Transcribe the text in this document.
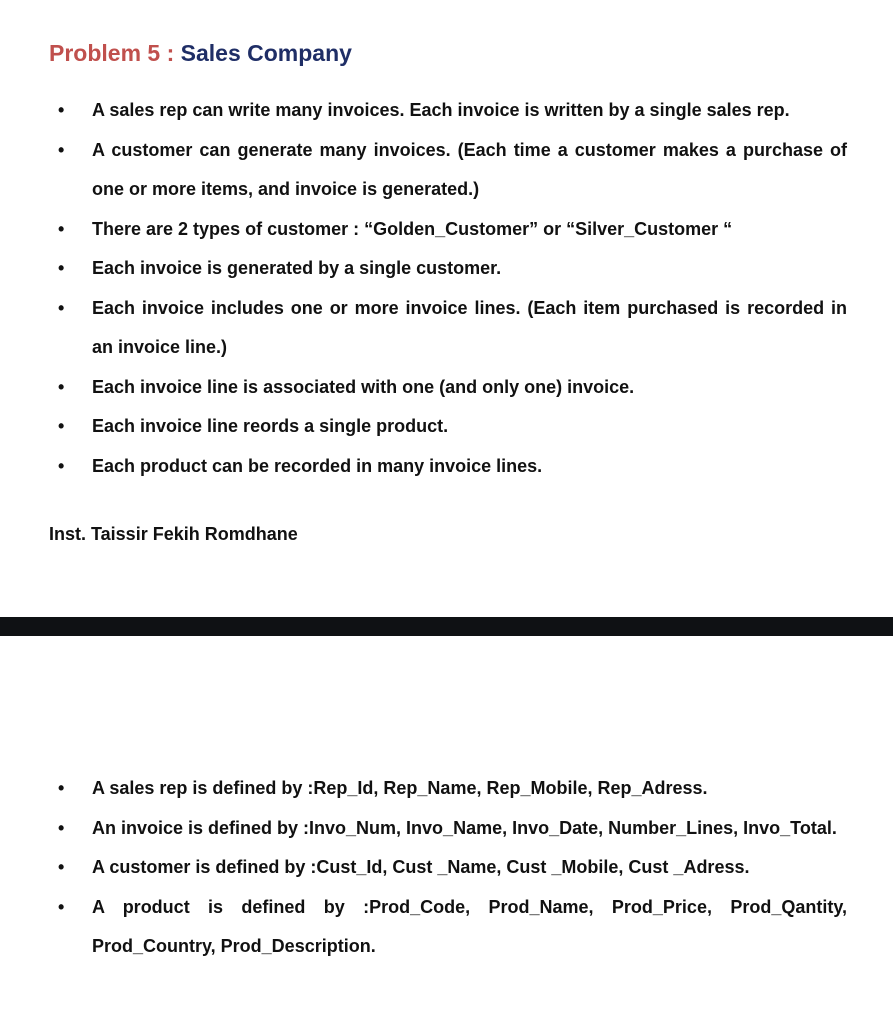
Problem 5 : Sales Company
• A sales rep can write many invoices. Each invoice is written by a single sales rep.
• A customer can generate many invoices. (Each time a customer makes a purchase of one or more items, and invoice is generated.)
• There are 2 types of customer : “Golden_Customer” or “Silver_Customer “
• Each invoice is generated by a single customer.
• Each invoice includes one or more invoice lines. (Each item purchased is recorded in an invoice line.)
• Each invoice line is associated with one (and only one) invoice.
• Each invoice line reords a single product.
• Each product can be recorded in many invoice lines.
Inst. Taissir Fekih Romdhane
• A sales rep is defined by :Rep_Id, Rep_Name, Rep_Mobile, Rep_Adress.
• An invoice is defined by :Invo_Num, Invo_Name, Invo_Date, Number_Lines, Invo_Total.
• A customer is defined by :Cust_Id, Cust _Name, Cust _Mobile, Cust _Adress.
• A product is defined by :Prod_Code, Prod_Name, Prod_Price, Prod_Qantity, Prod_Country, Prod_Description.
